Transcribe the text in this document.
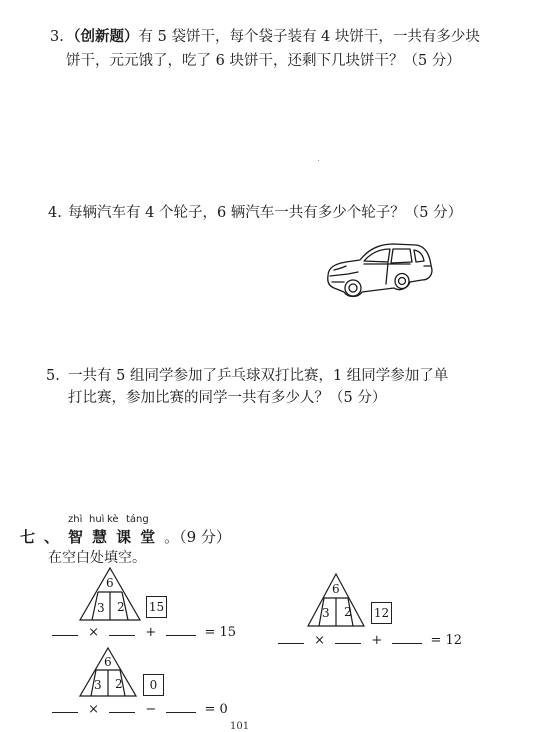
3. （创新题）有 5 袋饼干，每个袋子装有 4 块饼干，一共有多少块
饼干，元元饿了，吃了 6 块饼干，还剩下几块饼干？（5 分）
4. 每辆汽车有 4 个轮子，6 辆汽车一共有多少个轮子？（5 分）
5. 一共有 5 组同学参加了乒乓球双打比赛，1 组同学参加了单
打比赛，参加比赛的同学一共有多少人？（5 分）
zhì huì kè táng
七、智慧课堂。（9 分）
在空白处填空。
6
3 2 15
×	+	= 15
6
3 2 12
×	+	= 12
6
3 2	0
×	−	= 0
101
